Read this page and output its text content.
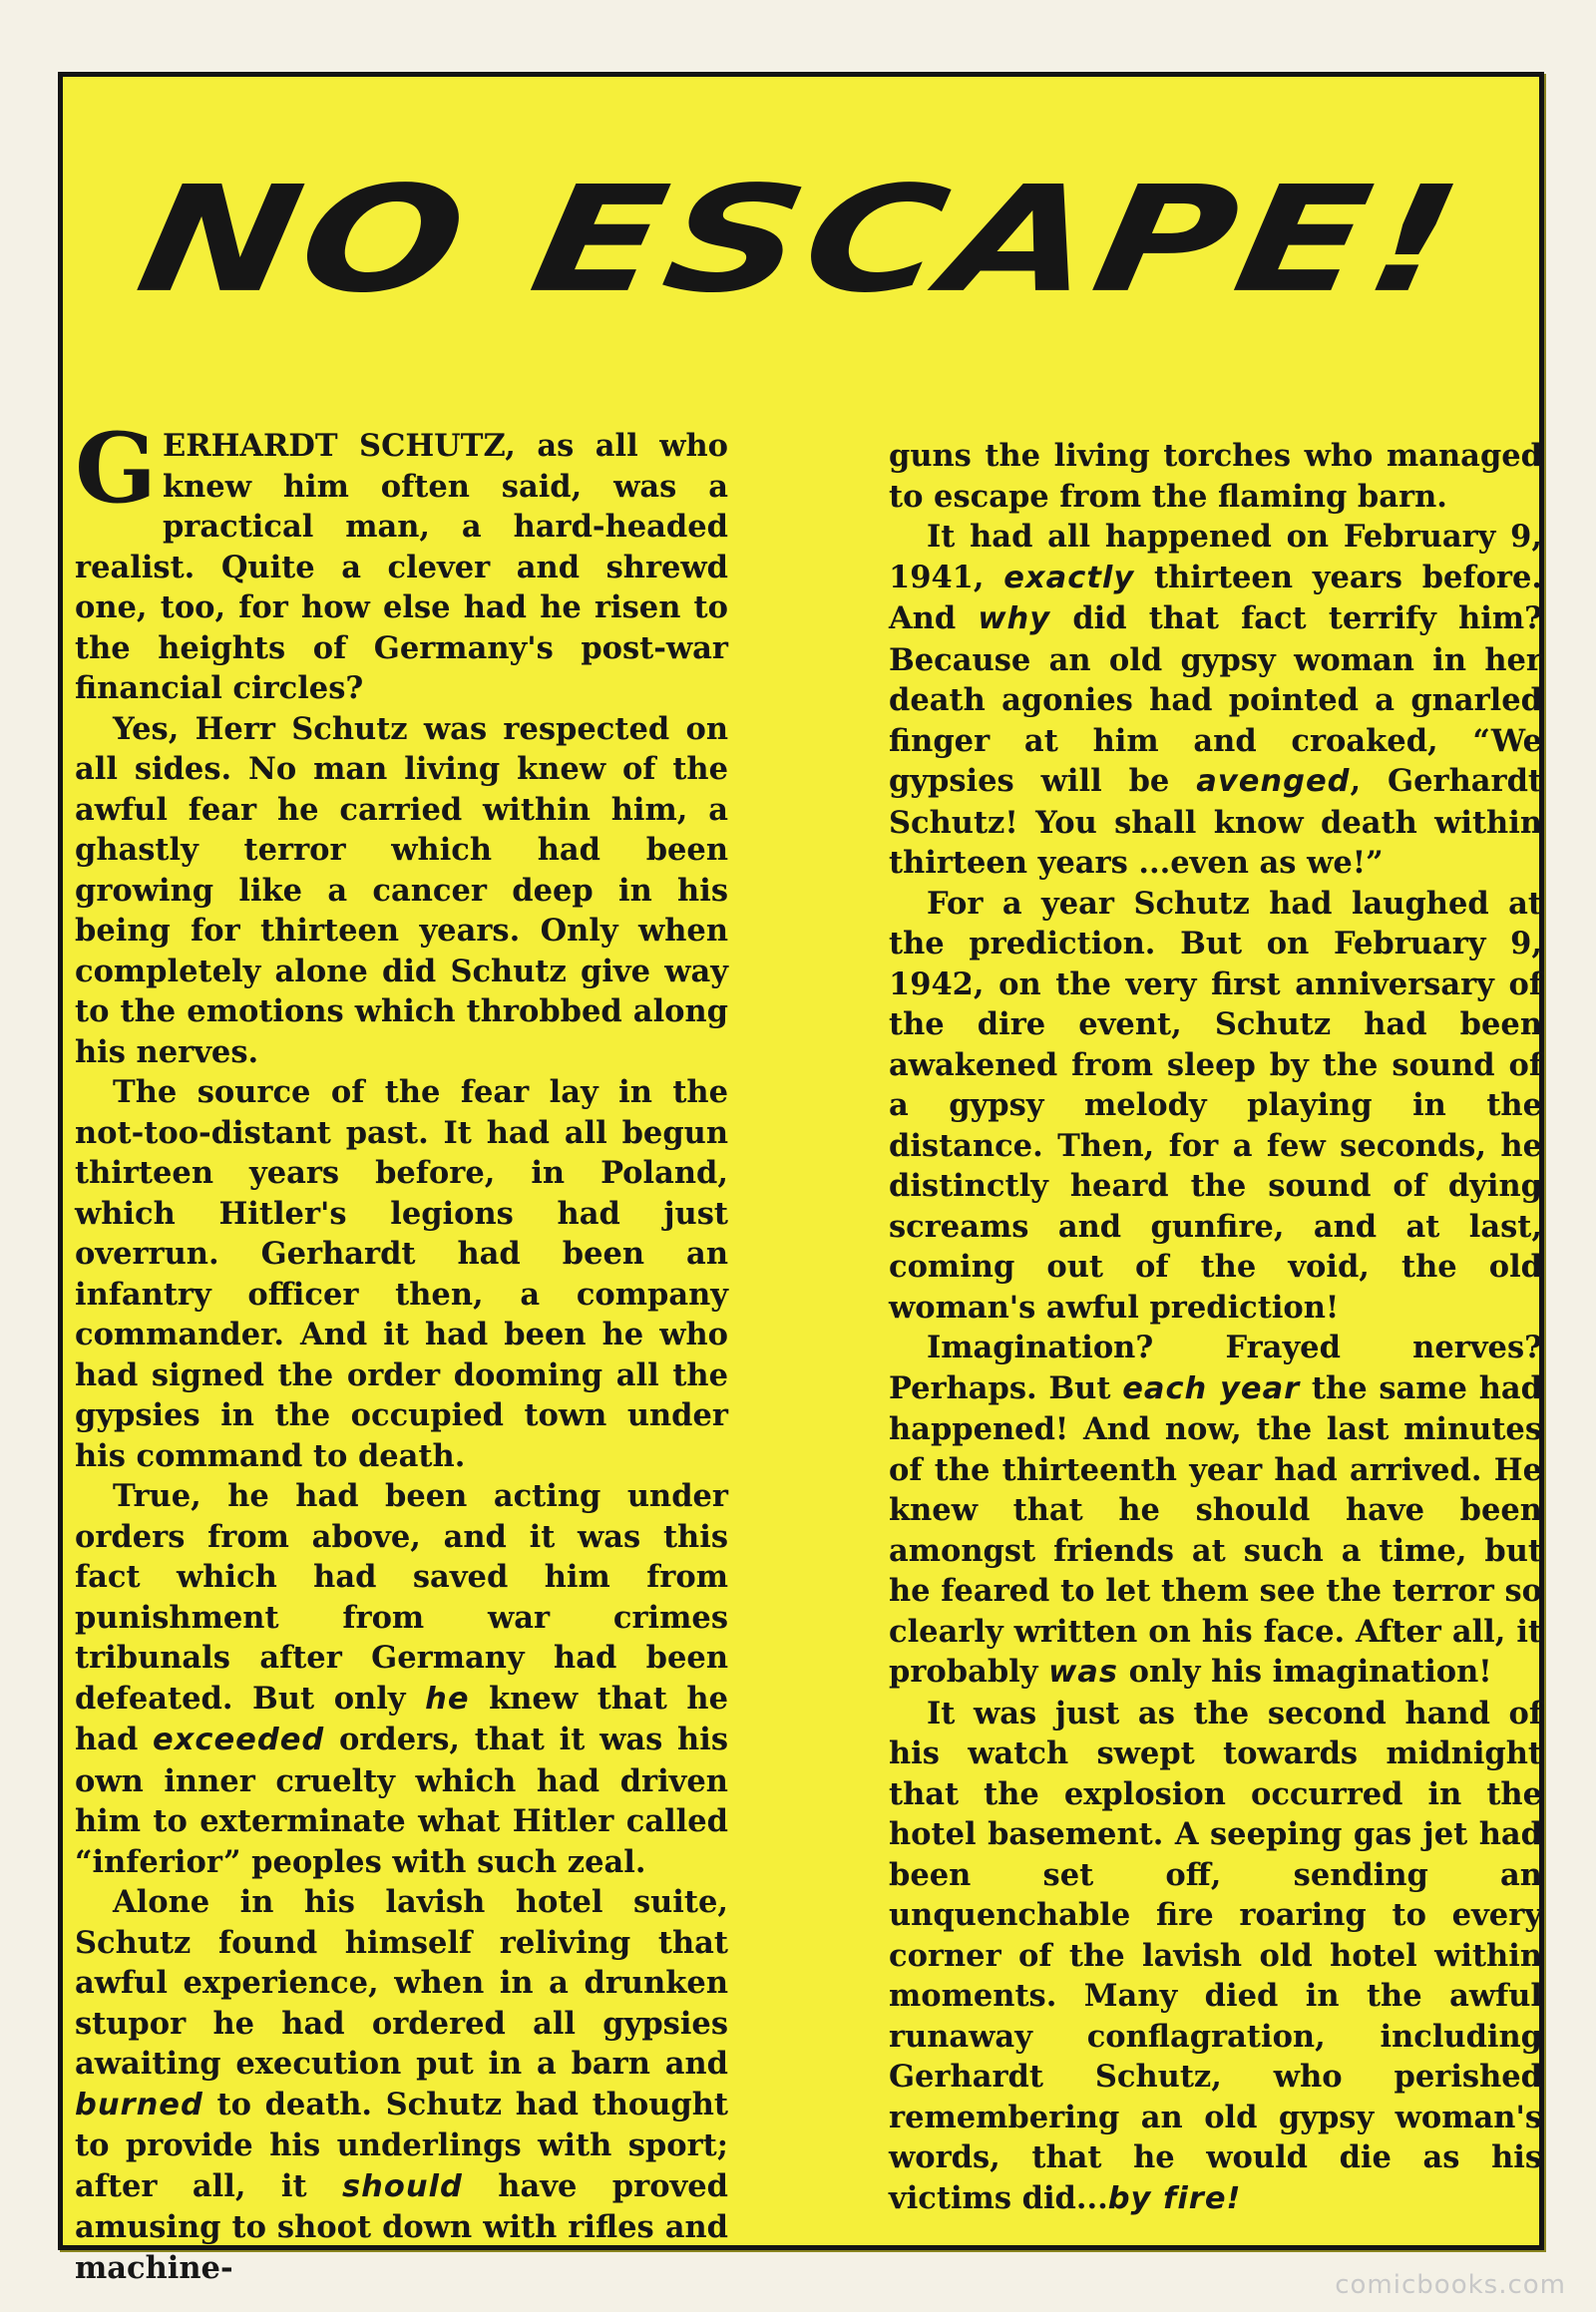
NO ESCAPE!

GERHARDT SCHUTZ, as all who knew him often said, was a practical man, a hard-headed realist. Quite a clever and shrewd one, too, for how else had he risen to the heights of Germany's post-war financial circles?

Yes, Herr Schutz was respected on all sides. No man living knew of the awful fear he carried within him, a ghastly terror which had been growing like a cancer deep in his being for thirteen years. Only when completely alone did Schutz give way to the emotions which throbbed along his nerves.

The source of the fear lay in the not-too-distant past. It had all begun thirteen years before, in Poland, which Hitler's legions had just overrun. Gerhardt had been an infantry officer then, a company commander. And it had been he who had signed the order dooming all the gypsies in the occupied town under his command to death.

True, he had been acting under orders from above, and it was this fact which had saved him from punishment from war crimes tribunals after Germany had been defeated. But only he knew that he had exceeded orders, that it was his own inner cruelty which had driven him to exterminate what Hitler called “inferior” peoples with such zeal.

Alone in his lavish hotel suite, Schutz found himself reliving that awful experience, when in a drunken stupor he had ordered all gypsies awaiting execution put in a barn and burned to death. Schutz had thought to provide his underlings with sport; after all, it should have proved amusing to shoot down with rifles and machine-

guns the living torches who managed to escape from the flaming barn.

It had all happened on February 9, 1941, exactly thirteen years before. And why did that fact terrify him? Because an old gypsy woman in her death agonies had pointed a gnarled finger at him and croaked, “We gypsies will be avenged, Gerhardt Schutz! You shall know death within thirteen years ...even as we!”

For a year Schutz had laughed at the prediction. But on February 9, 1942, on the very first anniversary of the dire event, Schutz had been awakened from sleep by the sound of a gypsy melody playing in the distance. Then, for a few seconds, he distinctly heard the sound of dying screams and gunfire, and at last, coming out of the void, the old woman's awful prediction!

Imagination? Frayed nerves? Perhaps. But each year the same had happened! And now, the last minutes of the thirteenth year had arrived. He knew that he should have been amongst friends at such a time, but he feared to let them see the terror so clearly written on his face. After all, it probably was only his imagination!

It was just as the second hand of his watch swept towards midnight that the explosion occurred in the hotel basement. A seeping gas jet had been set off, sending an unquenchable fire roaring to every corner of the lavish old hotel within moments. Many died in the awful runaway conflagration, including Gerhardt Schutz, who perished remembering an old gypsy woman's words, that he would die as his victims did...by fire!

comicbooks.com
